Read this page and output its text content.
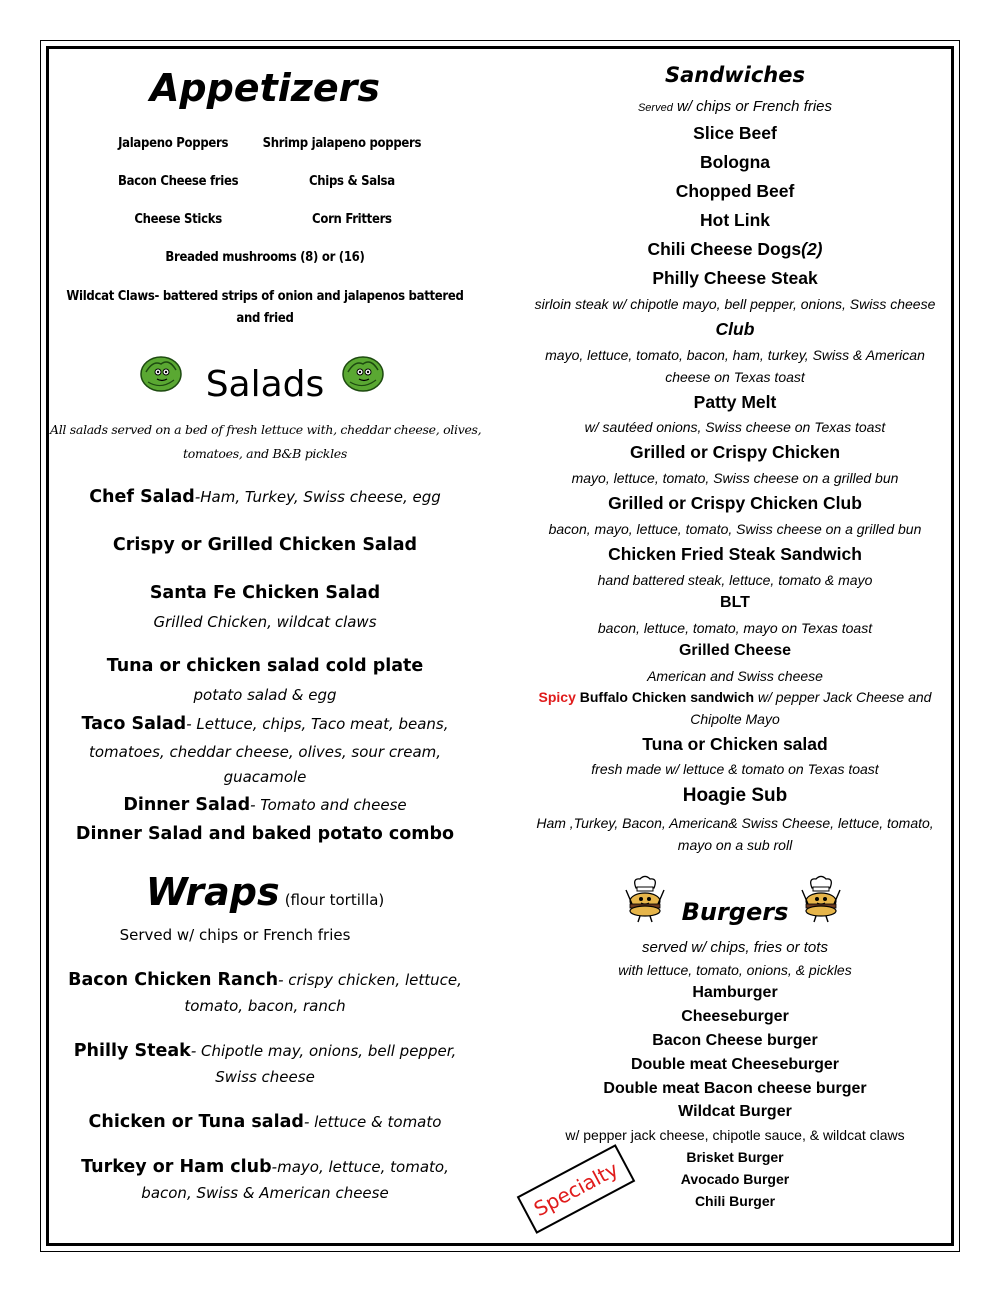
Appetizers
Jalapeno Poppers	Shrimp jalapeno poppers
Bacon Cheese fries	Chips & Salsa
Cheese Sticks	Corn Fritters
Breaded mushrooms (8) or (16)
Wildcat Claws- battered strips of onion and jalapenos battered
and fried
Salads
All salads served on a bed of fresh lettuce with, cheddar cheese, olives,
tomatoes, and B&B pickles
Chef Salad-Ham, Turkey, Swiss cheese, egg
Crispy or Grilled Chicken Salad
Santa Fe Chicken Salad
Grilled Chicken, wildcat claws
Tuna or chicken salad cold plate
potato salad & egg
Taco Salad- Lettuce, chips, Taco meat, beans,
tomatoes, cheddar cheese, olives, sour cream,
guacamole
Dinner Salad- Tomato and cheese
Dinner Salad and baked potato combo
Wraps (flour tortilla)
Served w/ chips or French fries
Bacon Chicken Ranch- crispy chicken, lettuce,
tomato, bacon, ranch
Philly Steak- Chipotle may, onions, bell pepper,
Swiss cheese
Chicken or Tuna salad- lettuce & tomato
Turkey or Ham club-mayo, lettuce, tomato,
bacon, Swiss & American cheese
Sandwiches
Served w/ chips or French fries
Slice Beef
Bologna
Chopped Beef
Hot Link
Chili Cheese Dogs(2)
Philly Cheese Steak
sirloin steak w/ chipotle mayo, bell pepper, onions, Swiss cheese
Club
mayo, lettuce, tomato, bacon, ham, turkey, Swiss & American
cheese on Texas toast
Patty Melt
w/ sautéed onions, Swiss cheese on Texas toast
Grilled or Crispy Chicken
mayo, lettuce, tomato, Swiss cheese on a grilled bun
Grilled or Crispy Chicken Club
bacon, mayo, lettuce, tomato, Swiss cheese on a grilled bun
Chicken Fried Steak Sandwich
hand battered steak, lettuce, tomato & mayo
BLT
bacon, lettuce, tomato, mayo on Texas toast
Grilled Cheese
American and Swiss cheese
Spicy Buffalo Chicken sandwich w/ pepper Jack Cheese and
Chipolte Mayo
Tuna or Chicken salad
fresh made w/ lettuce & tomato on Texas toast
Hoagie Sub
Ham ,Turkey, Bacon, American& Swiss Cheese, lettuce, tomato,
mayo on a sub roll
Burgers
served w/ chips, fries or tots
with lettuce, tomato, onions, & pickles
Hamburger
Cheeseburger
Bacon Cheese burger
Double meat Cheeseburger
Double meat Bacon cheese burger
Wildcat Burger
w/ pepper jack cheese, chipotle sauce, & wildcat claws
Brisket Burger
Avocado Burger
Chili Burger
Specialty
